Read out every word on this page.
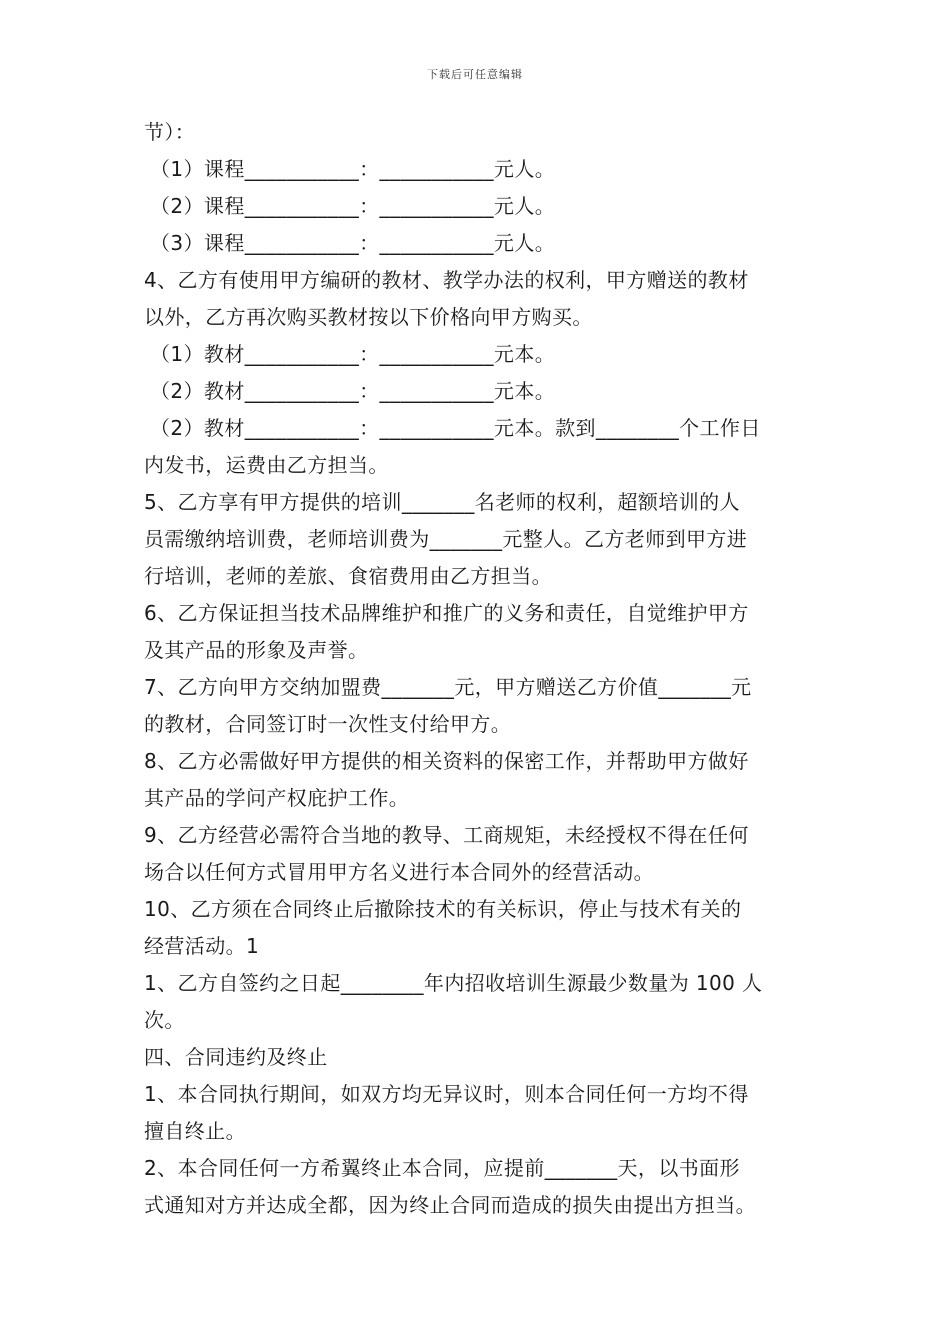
下载后可任意编辑
节）：
（1）课程___________：___________元人。
（2）课程___________：___________元人。
（3）课程___________：___________元人。
4、乙方有使用甲方编研的教材、教学办法的权利，甲方赠送的教材
以外，乙方再次购买教材按以下价格向甲方购买。
（1）教材___________：___________元本。
（2）教材___________：___________元本。
（2）教材___________：___________元本。款到________个工作日
内发书，运费由乙方担当。
5、乙方享有甲方提供的培训_______名老师的权利，超额培训的人
员需缴纳培训费，老师培训费为_______元整人。乙方老师到甲方进
行培训，老师的差旅、食宿费用由乙方担当。
6、乙方保证担当技术品牌维护和推广的义务和责任，自觉维护甲方
及其产品的形象及声誉。
7、乙方向甲方交纳加盟费_______元，甲方赠送乙方价值_______元
的教材，合同签订时一次性支付给甲方。
8、乙方必需做好甲方提供的相关资料的保密工作，并帮助甲方做好
其产品的学问产权庇护工作。
9、乙方经营必需符合当地的教导、工商规矩，未经授权不得在任何
场合以任何方式冒用甲方名义进行本合同外的经营活动。
10、乙方须在合同终止后撤除技术的有关标识，停止与技术有关的
经营活动。1
1、乙方自签约之日起________年内招收培训生源最少数量为 100 人
次。
四、合同违约及终止
1、本合同执行期间，如双方均无异议时，则本合同任何一方均不得
擅自终止。
2、本合同任何一方希翼终止本合同，应提前_______天，以书面形
式通知对方并达成全都，因为终止合同而造成的损失由提出方担当。
